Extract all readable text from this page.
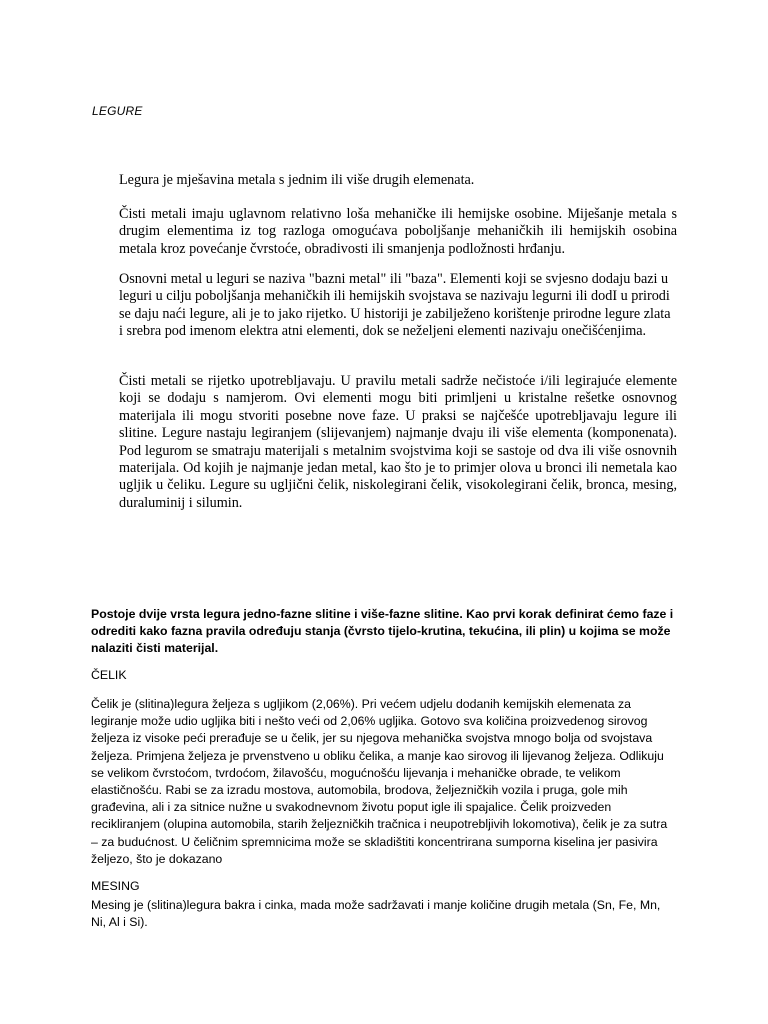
LEGURE

Legura je mješavina metala s jednim ili više drugih elemenata.

Čisti metali imaju uglavnom relativno loša mehaničke ili hemijske osobine. Miješanje metala s drugim elementima iz tog razloga omogućava poboljšanje mehaničkih ili hemijskih osobina metala kroz povećanje čvrstoće, obradivosti ili smanjenja podložnosti hrđanju.

Osnovni metal u leguri se naziva "bazni metal" ili "baza". Elementi koji se svjesno dodaju bazi u leguri u cilju poboljšanja mehaničkih ili hemijskih svojstava se nazivaju legurni ili dodI u prirodi se daju naći legure, ali je to jako rijetko. U historiji je zabilježeno korištenje prirodne legure zlata i srebra pod imenom elektra atni elementi, dok se neželjeni elementi nazivaju onečišćenjima.

Čisti metali se rijetko upotrebljavaju. U pravilu metali sadrže nečistoće i/ili legirajuće elemente koji se dodaju s namjerom. Ovi elementi mogu biti primljeni u kristalne rešetke osnovnog materijala ili mogu stvoriti posebne nove faze. U praksi se najčešće upotrebljavaju legure ili slitine. Legure nastaju legiranjem (slijevanjem) najmanje dvaju ili više elementa (komponenata). Pod legurom se smatraju materijali s metalnim svojstvima koji se sastoje od dva ili više osnovnih materijala. Od kojih je najmanje jedan metal, kao što je to primjer olova u bronci ili nemetala kao ugljik u čeliku. Legure su ugljični čelik, niskolegirani čelik, visokolegirani čelik, bronca, mesing, duraluminij i silumin.

Postoje dvije vrsta legura jedno-fazne slitine i više-fazne slitine. Kao prvi korak definirat ćemo faze i odrediti kako fazna pravila određuju stanja (čvrsto tijelo-krutina, tekućina, ili plin) u kojima se može nalaziti čisti materijal.

ČELIK

Čelik je (slitina)legura željeza s ugljikom (2,06%). Pri većem udjelu dodanih kemijskih elemenata za legiranje može udio ugljika biti i nešto veći od 2,06% ugljika. Gotovo sva količina proizvedenog sirovog željeza iz visoke peći prerađuje se u čelik, jer su njegova mehanička svojstva mnogo bolja od svojstava željeza. Primjena željeza je prvenstveno u obliku čelika, a manje kao sirovog ili lijevanog željeza. Odlikuju se velikom čvrstoćom, tvrdoćom, žilavošću, mogućnošću lijevanja i mehaničke obrade, te velikom elastičnošću. Rabi se za izradu mostova, automobila, brodova, željezničkih vozila i pruga, gole mih građevina, ali i za sitnice nužne u svakodnevnom životu poput igle ili spajalice. Čelik proizveden recikliranjem (olupina automobila, starih željezničkih tračnica i neupotrebljivih lokomotiva), čelik je za sutra – za budućnost. U čeličnim spremnicima može se skladištiti koncentrirana sumporna kiselina jer pasivira željezo, što je dokazano

MESING

Mesing je (slitina)legura bakra i cinka, mada može sadržavati i manje količine drugih metala (Sn, Fe, Mn, Ni, Al i Si).
